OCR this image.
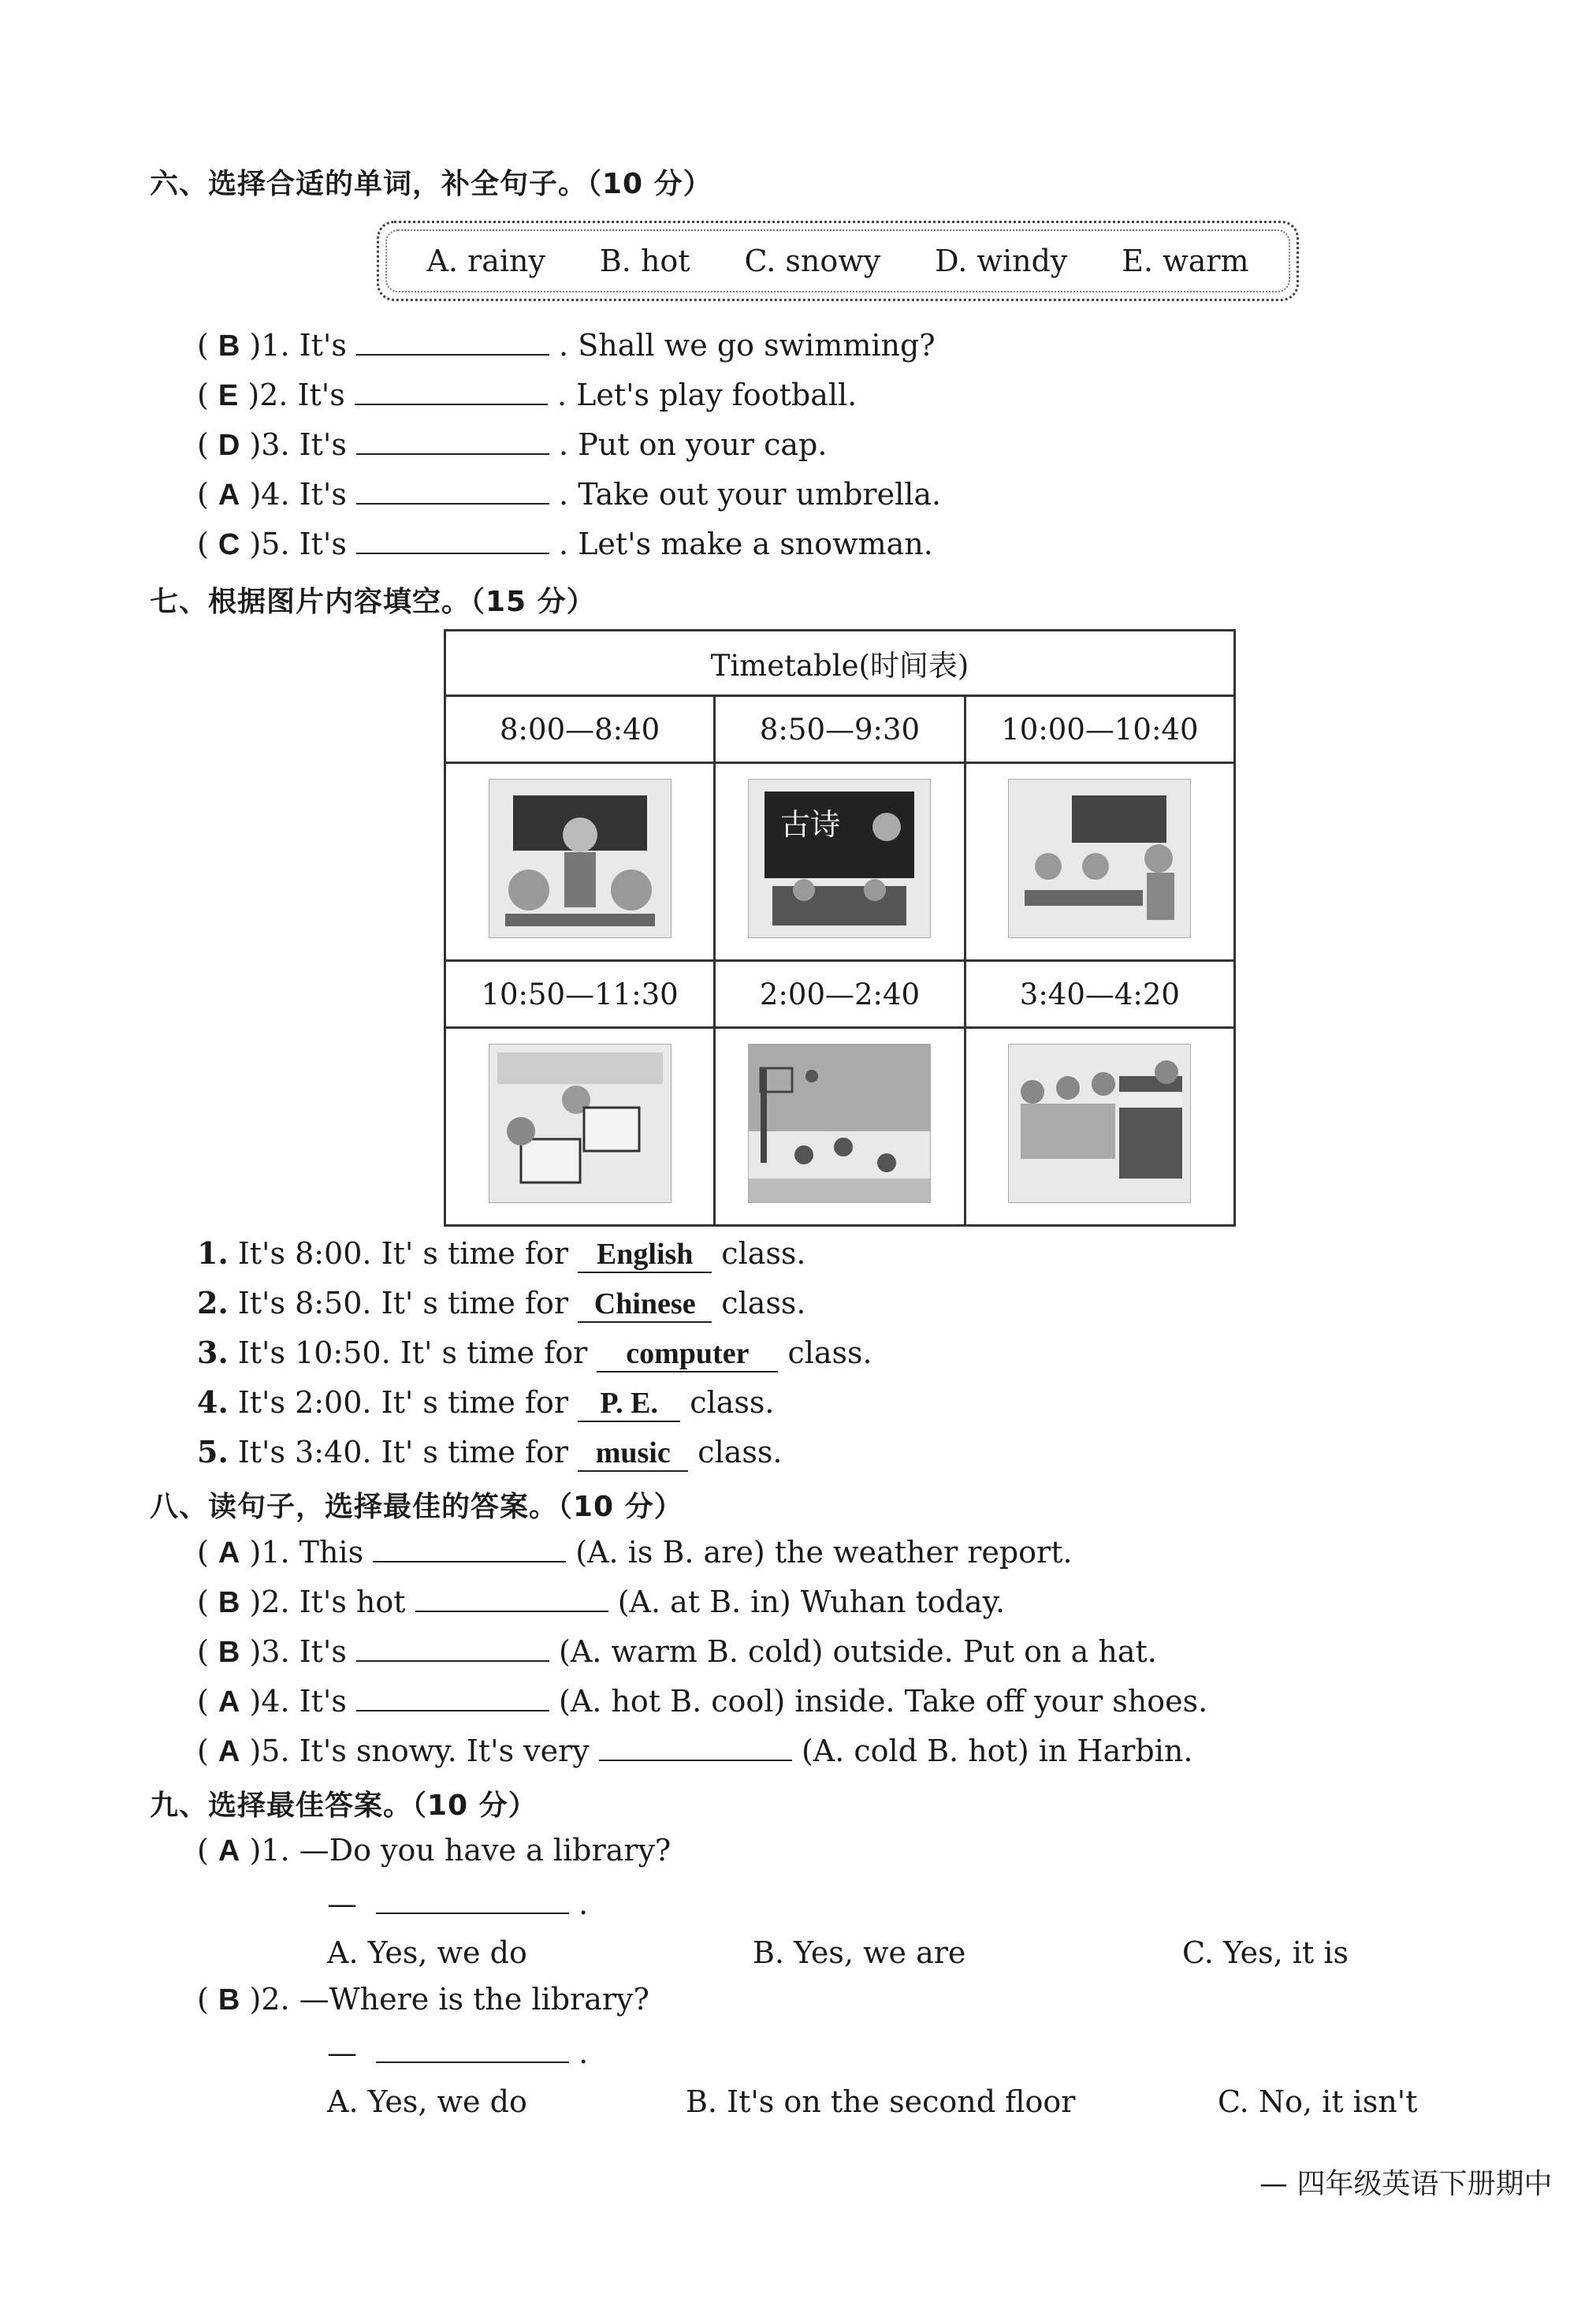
六、选择合适的单词，补全句子。（10 分）
A. rainy B. hot C. snowy D. windy E. warm
( B )1. It's	. Shall we go swimming?
( E )2. It's	. Let's play football.
( D )3. It's	. Put on your cap.
( A )4. It's	. Take out your umbrella.
( C )5. It's	. Let's make a snowman.
七、根据图片内容填空。（15 分）
Timetable(时间表)		
8:00—8:40	8:50—9:30	10:00—10:40

古诗

10:50—11:30	2:00—2:40	3:40—4:20

1. It's 8:00. It' s time for English class.
2. It's 8:50. It' s time for Chinese class.
3. It's 10:50. It' s time for computer class.
4. It's 2:00. It' s time for P. E. class.
5. It's 3:40. It' s time for music class.
八、读句子，选择最佳的答案。（10 分）
( A )1. This	(A. is B. are) the weather report.
( B )2. It's hot	(A. at B. in) Wuhan today.
( B )3. It's	(A. warm B. cold) outside. Put on a hat.
( A )4. It's	(A. hot B. cool) inside. Take off your shoes.
( A )5. It's snowy. It's very	(A. cold B. hot) in Harbin.
九、选择最佳答案。（10 分）
( A )1. —Do you have a library?
—	.
A. Yes, we do	B. Yes, we are	C. Yes, it is
( B )2. —Where is the library?
—	.
A. Yes, we do	B. It's on the second floor	C. No, it isn't
— 四年级英语下册期中
